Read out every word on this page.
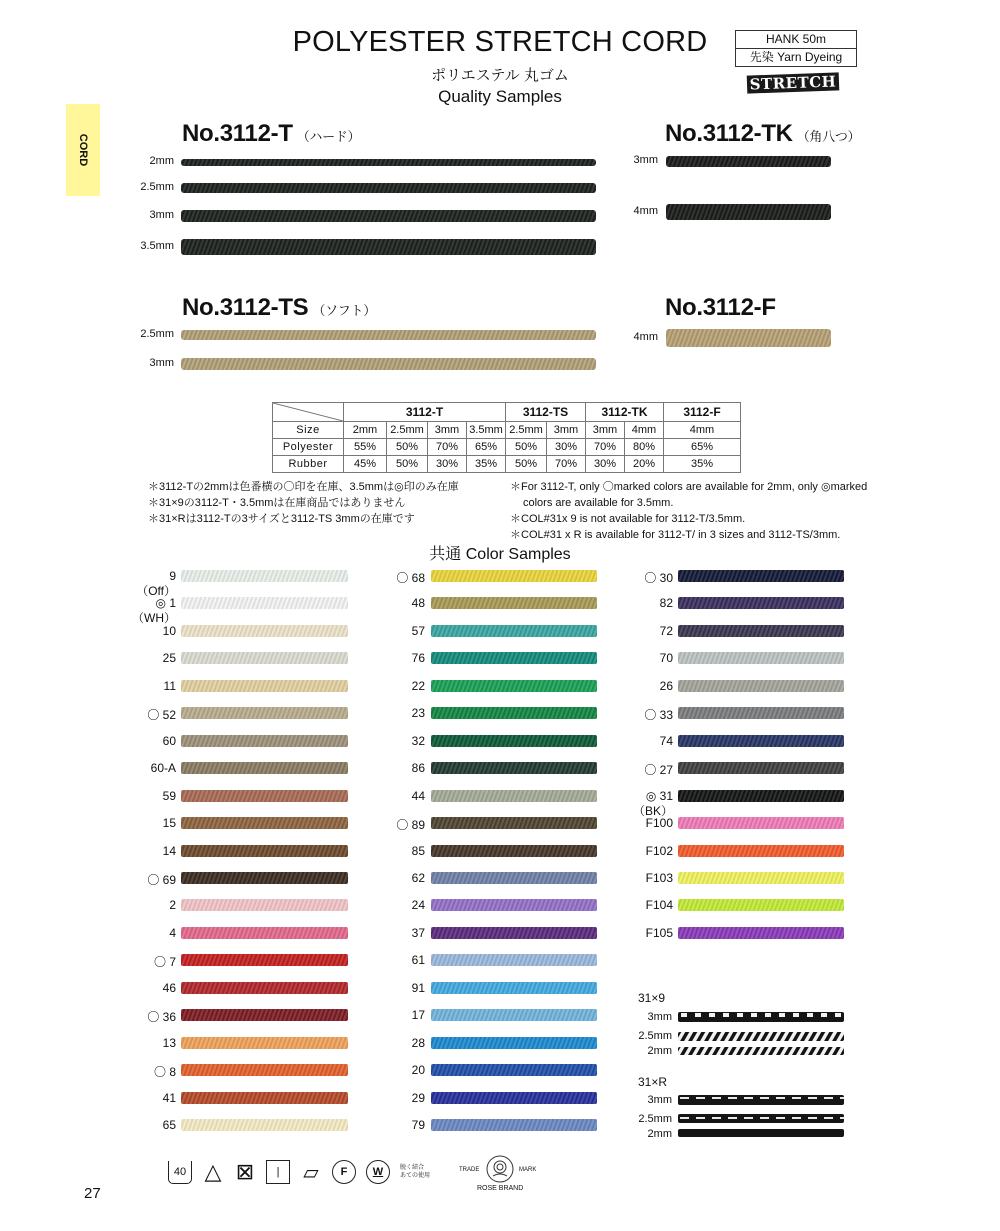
POLYESTER STRETCH CORD
ポリエステル 丸ゴム
Quality Samples
HANK 50m
先染 Yarn Dyeing
STRETCH
CORD
No.3112-T （ハード）
2mm
2.5mm
3mm
3.5mm
No.3112-TK （角八つ）
3mm
4mm
No.3112-TS （ソフト）
2.5mm
3mm
No.3112-F
4mm
	3112-T				3112-TS		3112-TK		3112-F
Size	2mm	2.5mm	3mm	3.5mm	2.5mm	3mm	3mm	4mm	4mm
Polyester	55%	50%	70%	65%	50%	30%	70%	80%	65%
Rubber	45%	50%	30%	35%	50%	70%	30%	20%	35%
＊3112-Tの2mmは色番横の〇印を在庫、3.5mmは◎印のみ在庫
＊31×9の3112-T・3.5mmは在庫商品ではありません
＊31×Rは3112-Tの3サイズと3112-TS 3mmの在庫です
＊For 3112-T, only 〇marked colors are available for 2mm, only ◎marked
colors are available for 3.5mm.
＊COL#31x 9 is not available for 3112-T/3.5mm.
＊COL#31 x R is available for 3112-T/ in 3 sizes and 3112-TS/3mm.
共通 Color Samples
9
（Off）
◎ 1
（WH）
10
25
11
〇 52
60
60-A
59
15
14
〇 69
2
4
〇 7
46
〇 36
13
〇 8
41
65
〇 68
48
57
76
22
23
32
86
44
〇 89
85
62
24
37
61
91
17
28
20
29
79
〇 30
82
72
70
26
〇 33
74
〇 27
◎ 31
（BK）
F100
F102
F103
F104
F105
31×9
3mm
2.5mm
2mm
31×R
3mm
2.5mm
2mm
40 △ ⊠ | ▱ F W	脱く結合
あての使用
TRADE	MARK
ROSE BRAND
27
